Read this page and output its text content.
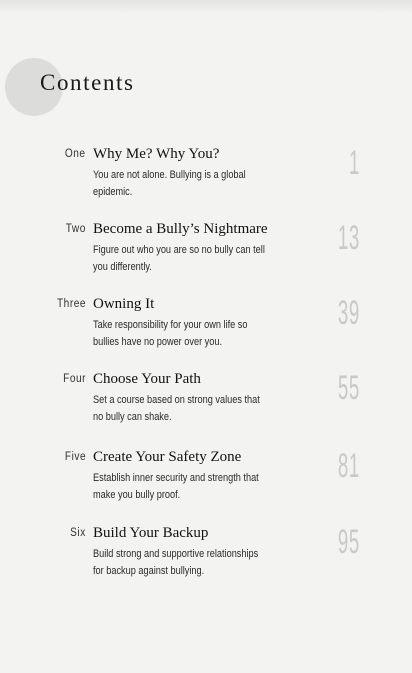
Contents
One Why Me? Why You?
You are not alone. Bullying is a global
epidemic.
1
Two Become a Bully’s Nightmare
Figure out who you are so no bully can tell
you differently.
13
Three Owning It
Take responsibility for your own life so
bullies have no power over you.
39
Four Choose Your Path
Set a course based on strong values that
no bully can shake.
55
Five Create Your Safety Zone
Establish inner security and strength that
make you bully proof.
81
Six Build Your Backup
Build strong and supportive relationships
for backup against bullying.
95
